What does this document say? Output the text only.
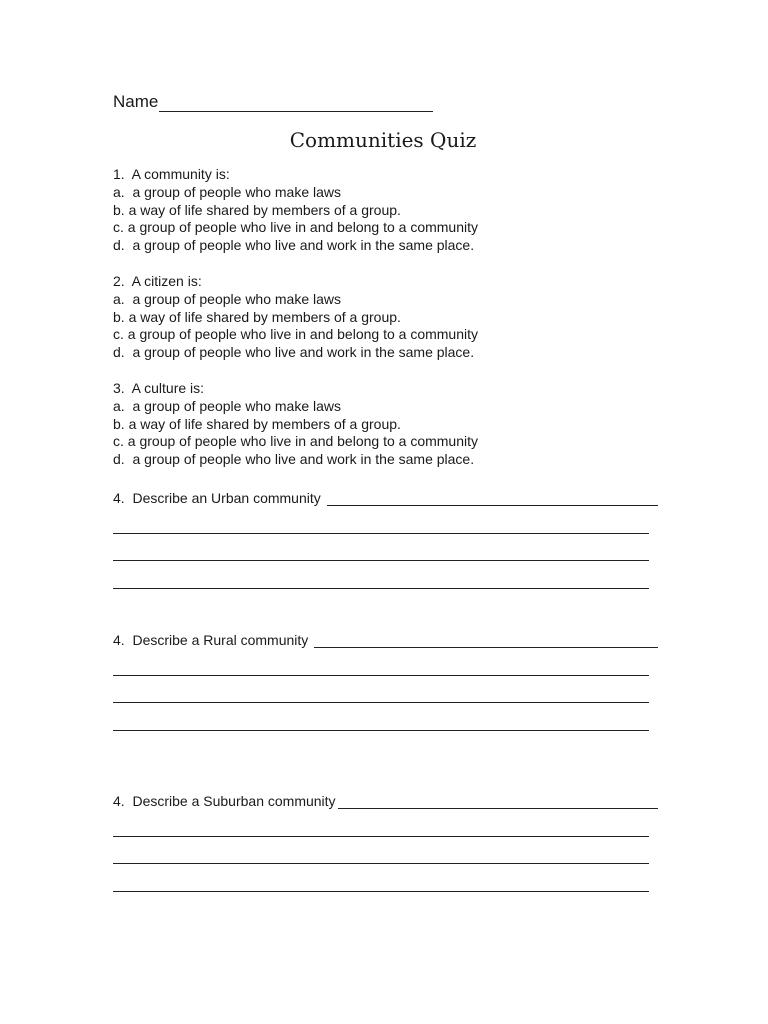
Name
Communities Quiz
1.  A community is:
a.  a group of people who make laws
b. a way of life shared by members of a group.
c. a group of people who live in and belong to a community
d.  a group of people who live and work in the same place.
2.  A citizen is:
a.  a group of people who make laws
b. a way of life shared by members of a group.
c. a group of people who live in and belong to a community
d.  a group of people who live and work in the same place.
3.  A culture is:
a.  a group of people who make laws
b. a way of life shared by members of a group.
c. a group of people who live in and belong to a community
d.  a group of people who live and work in the same place.
4.  Describe an Urban community
4.  Describe a Rural community
4.  Describe a Suburban community
